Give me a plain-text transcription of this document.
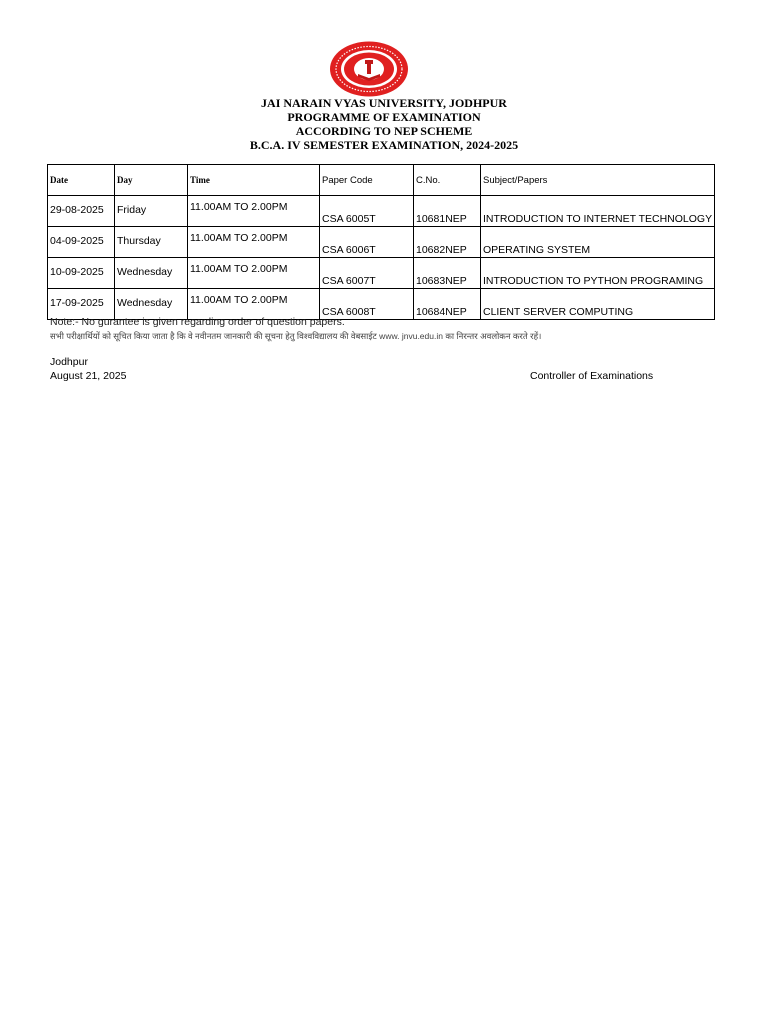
JAI NARAIN VYAS UNIVERSITY, JODHPUR
PROGRAMME OF EXAMINATION
ACCORDING TO NEP SCHEME
B.C.A. IV SEMESTER EXAMINATION, 2024-2025
Date	Day	Time	Paper Code	C.No.	Subject/Papers

29-08-2025	Friday	11.00AM TO 2.00PM	CSA 6005T	10681NEP	INTRODUCTION TO INTERNET TECHNOLOGY

04-09-2025	Thursday	11.00AM TO 2.00PM	CSA 6006T	10682NEP	OPERATING SYSTEM

10-09-2025	Wednesday	11.00AM TO 2.00PM	CSA 6007T	10683NEP	INTRODUCTION TO PYTHON PROGRAMING

17-09-2025	Wednesday	11.00AM TO 2.00PM	CSA 6008T	10684NEP	CLIENT SERVER COMPUTING
Note:- No gurantee is given regarding order of question papers.
सभी परीक्षार्थियों को सूचित किया जाता है कि वे नवीनतम जानकारी की सूचना हेतु विश्वविद्यालय की वेबसाईट www. jnvu.edu.in का निरन्तर अवलोकन करते रहें।
Jodhpur
August 21, 2025	Controller of Examinations
